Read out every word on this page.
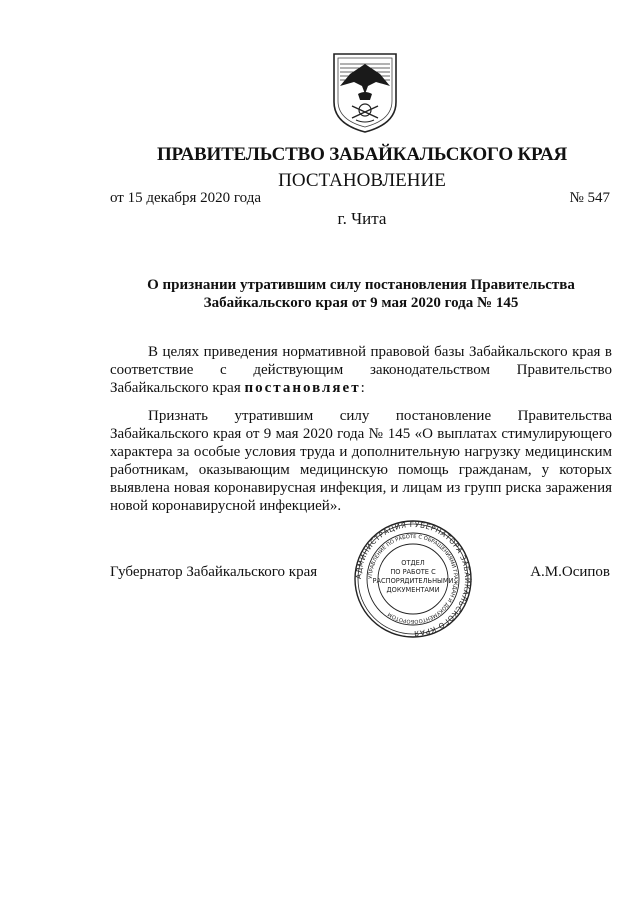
ПРАВИТЕЛЬСТВО ЗАБАЙКАЛЬСКОГО КРАЯ
ПОСТАНОВЛЕНИЕ
от 15 декабря 2020 года	№ 547
г. Чита
О признании утратившим силу постановления Правительства
Забайкальского края от 9 мая 2020 года № 145
В целях приведения нормативной правовой базы Забайкальского края в соответствие с действующим законодательством Правительство Забайкальского края постановляет:
Признать утратившим силу постановление Правительства Забайкальского края от 9 мая 2020 года № 145 «О выплатах стимулирующего характера за особые условия труда и дополнительную нагрузку медицинским работникам, оказывающим медицинскую помощь гражданам, у которых выявлена новая коронавирусная инфекция, и лицам из групп риска заражения новой коронавирусной инфекцией».
Губернатор Забайкальского края	А.М.Осипов
АДМИНИСТРАЦИЯ ГУБЕРНАТОРА ЗАБАЙКАЛЬСКОГО КРАЯ
УПРАВЛЕНИЕ ПО РАБОТЕ С ОБРАЩЕНИЯМИ ГРАЖДАН И ДОКУМЕНТООБОРОТОМ
ОТДЕЛ
ПО РАБОТЕ С
РАСПОРЯДИТЕЛЬНЫМИ
ДОКУМЕНТАМИ
